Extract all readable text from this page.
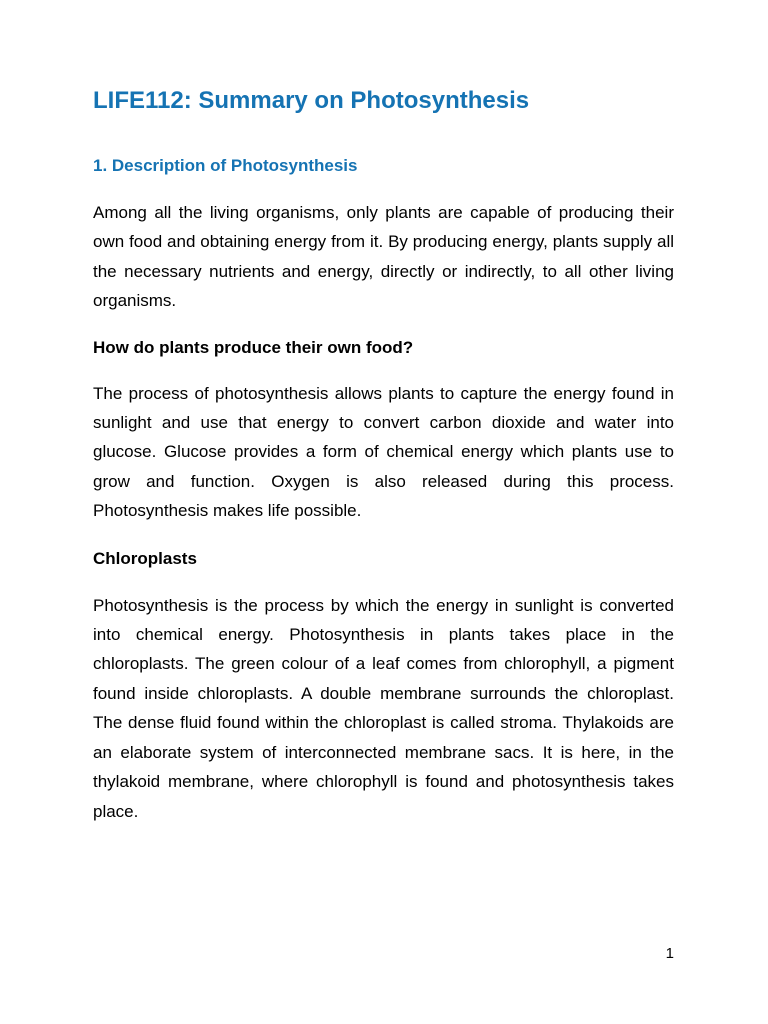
LIFE112: Summary on Photosynthesis
1. Description of Photosynthesis

Among all the living organisms, only plants are capable of producing their own food and obtaining energy from it. By producing energy, plants supply all the necessary nutrients and energy, directly or indirectly, to all other living organisms.

How do plants produce their own food?

The process of photosynthesis allows plants to capture the energy found in sunlight and use that energy to convert carbon dioxide and water into glucose. Glucose provides a form of chemical energy which plants use to grow and function. Oxygen is also released during this process. Photosynthesis makes life possible.

Chloroplasts

Photosynthesis is the process by which the energy in sunlight is converted into chemical energy. Photosynthesis in plants takes place in the chloroplasts. The green colour of a leaf comes from chlorophyll, a pigment found inside chloroplasts. A double membrane surrounds the chloroplast. The dense fluid found within the chloroplast is called stroma. Thylakoids are an elaborate system of interconnected membrane sacs. It is here, in the thylakoid membrane, where chlorophyll is found and photosynthesis takes place.

1
